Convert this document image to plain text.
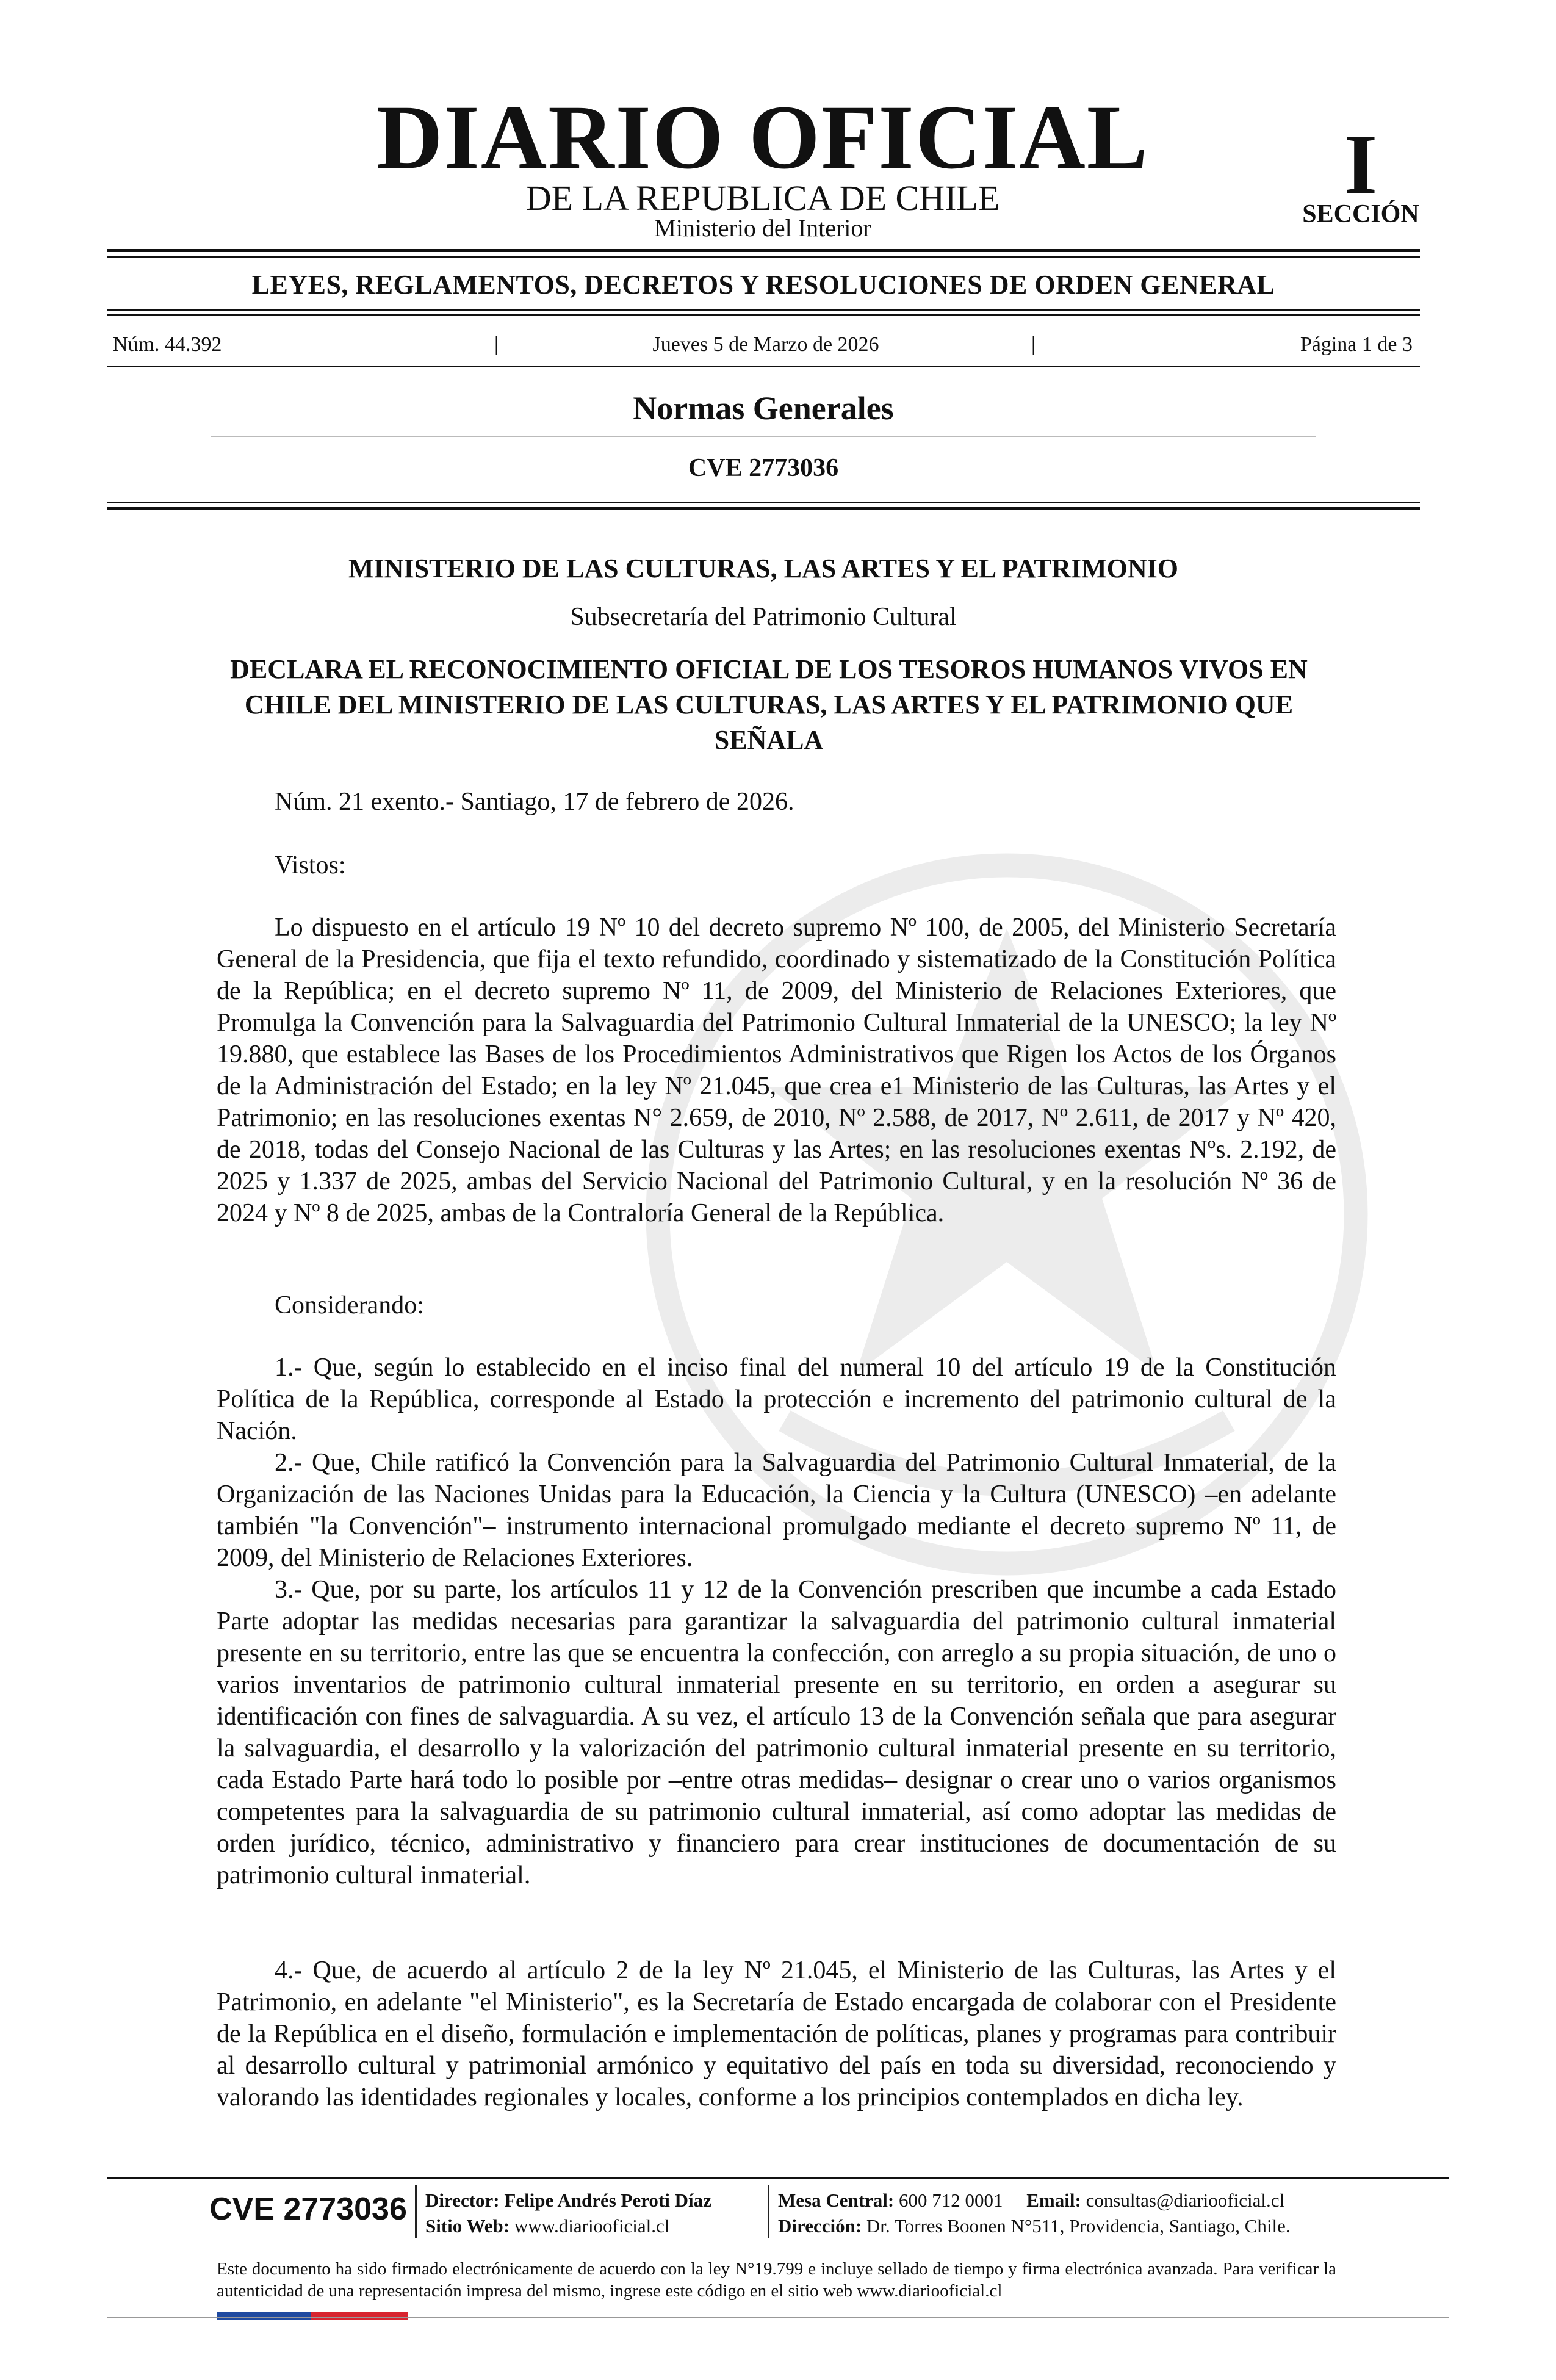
DIARIO OFICIAL
DE LA REPUBLICA DE CHILE
Ministerio del Interior
I
SECCIÓN
LEYES, REGLAMENTOS, DECRETOS Y RESOLUCIONES DE ORDEN GENERAL
Núm. 44.392	|	Jueves 5 de Marzo de 2026	|	Página 1 de 3
Normas Generales
CVE 2773036
MINISTERIO DE LAS CULTURAS, LAS ARTES Y EL PATRIMONIO
Subsecretaría del Patrimonio Cultural
DECLARA EL RECONOCIMIENTO OFICIAL DE LOS TESOROS HUMANOS VIVOS EN CHILE DEL MINISTERIO DE LAS CULTURAS, LAS ARTES Y EL PATRIMONIO QUE SEÑALA
Núm. 21 exento.- Santiago, 17 de febrero de 2026.
Vistos:
Lo dispuesto en el artículo 19 Nº 10 del decreto supremo Nº 100, de 2005, del Ministerio Secretaría General de la Presidencia, que fija el texto refundido, coordinado y sistematizado de la Constitución Política de la República; en el decreto supremo Nº 11, de 2009, del Ministerio de Relaciones Exteriores, que Promulga la Convención para la Salvaguardia del Patrimonio Cultural Inmaterial de la UNESCO; la ley Nº 19.880, que establece las Bases de los Procedimientos Administrativos que Rigen los Actos de los Órganos de la Administración del Estado; en la ley Nº 21.045, que crea e1 Ministerio de las Culturas, las Artes y el Patrimonio; en las resoluciones exentas N° 2.659, de 2010, Nº 2.588, de 2017, Nº 2.611, de 2017 y Nº 420, de 2018, todas del Consejo Nacional de las Culturas y las Artes; en las resoluciones exentas Nºs. 2.192, de 2025 y 1.337 de 2025, ambas del Servicio Nacional del Patrimonio Cultural, y en la resolución Nº 36 de 2024 y Nº 8 de 2025, ambas de la Contraloría General de la República.
Considerando:
1.- Que, según lo establecido en el inciso final del numeral 10 del artículo 19 de la Constitución Política de la República, corresponde al Estado la protección e incremento del patrimonio cultural de la Nación.
2.- Que, Chile ratificó la Convención para la Salvaguardia del Patrimonio Cultural Inmaterial, de la Organización de las Naciones Unidas para la Educación, la Ciencia y la Cultura (UNESCO) –en adelante también "la Convención"– instrumento internacional promulgado mediante el decreto supremo Nº 11, de 2009, del Ministerio de Relaciones Exteriores.
3.- Que, por su parte, los artículos 11 y 12 de la Convención prescriben que incumbe a cada Estado Parte adoptar las medidas necesarias para garantizar la salvaguardia del patrimonio cultural inmaterial presente en su territorio, entre las que se encuentra la confección, con arreglo a su propia situación, de uno o varios inventarios de patrimonio cultural inmaterial presente en su territorio, en orden a asegurar su identificación con fines de salvaguardia. A su vez, el artículo 13 de la Convención señala que para asegurar la salvaguardia, el desarrollo y la valorización del patrimonio cultural inmaterial presente en su territorio, cada Estado Parte hará todo lo posible por –entre otras medidas– designar o crear uno o varios organismos competentes para la salvaguardia de su patrimonio cultural inmaterial, así como adoptar las medidas de orden jurídico, técnico, administrativo y financiero para crear instituciones de documentación de su patrimonio cultural inmaterial.
4.- Que, de acuerdo al artículo 2 de la ley Nº 21.045, el Ministerio de las Culturas, las Artes y el Patrimonio, en adelante "el Ministerio", es la Secretaría de Estado encargada de colaborar con el Presidente de la República en el diseño, formulación e implementación de políticas, planes y programas para contribuir al desarrollo cultural y patrimonial armónico y equitativo del país en toda su diversidad, reconociendo y valorando las identidades regionales y locales, conforme a los principios contemplados en dicha ley.
CVE 2773036 Director: Felipe Andrés Peroti Díaz
Sitio Web: www.diariooficial.cl
Mesa Central: 600 712 0001 Email: consultas@diariooficial.cl
Dirección: Dr. Torres Boonen N°511, Providencia, Santiago, Chile.
Este documento ha sido firmado electrónicamente de acuerdo con la ley N°19.799 e incluye sellado de tiempo y firma electrónica avanzada. Para verificar la autenticidad de una representación impresa del mismo, ingrese este código en el sitio web www.diariooficial.cl
